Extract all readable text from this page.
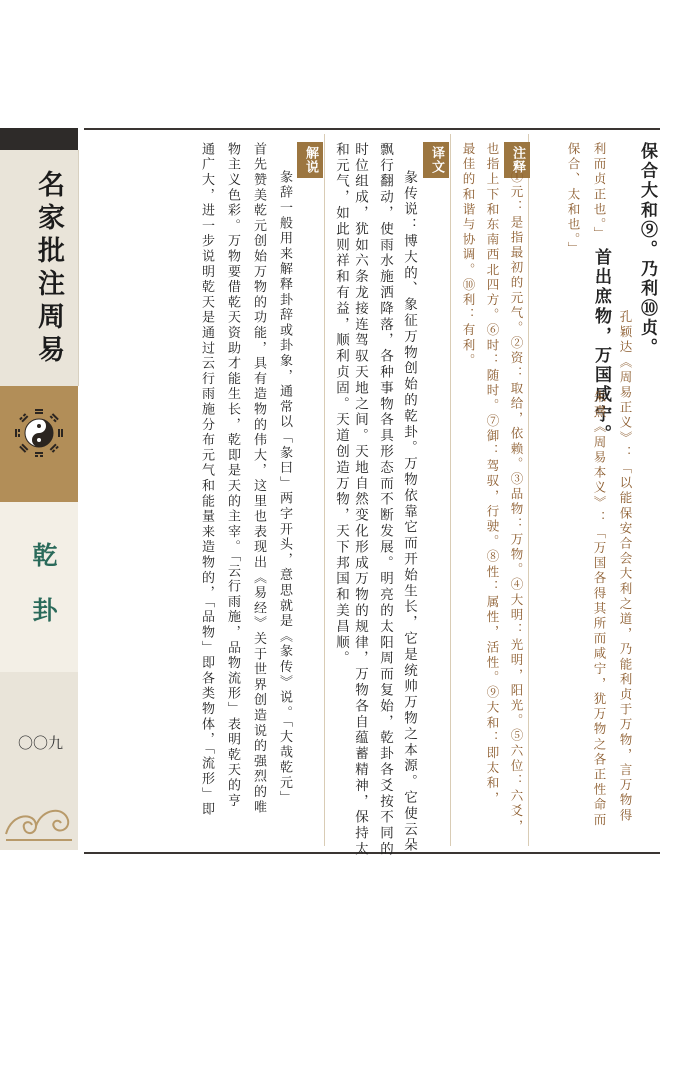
名家批注周易
乾卦
〇〇九
保合大和⑨。乃利⑩贞。
首出庶物，万国咸宁。 孔颖达《周易正义》：「以能保安合会大利之道，乃能利贞于万物，言万物得
利而贞正也。」
朱熹《周易本义》：「万国各得其所而咸宁，犹万物之各正性命而
保合、太和也。」
注释
①元：是指最初的元气。②资：取给，依赖。③品物：万物。④大明：光明，阳光。⑤六位：六爻，
也指上下和东南西北四方。⑥时：随时。⑦御：驾驭，行驶。⑧性：属性，活性。⑨大和：即太和，
最佳的和谐与协调。⑩利：有利。
译文
彖传说：博大的、象征万物创始的乾卦。万物依靠它而开始生长，它是统帅万物之本源。它使云朵
飘行翻动，使雨水施洒降落，各种事物各具形态而不断发展。明亮的太阳周而复始，乾卦各爻按不同的
时位组成，犹如六条龙接连驾驭天地之间。天地自然变化形成万物的规律，万物各自蕴蓄精神，保持太
和元气，如此则祥和有益，顺利贞固。天道创造万物，天下邦国和美昌顺。
解说
彖辞一般用来解释卦辞或卦象，通常以「彖曰」两字开头，意思就是《彖传》说。「大哉乾元」
首先赞美乾元创始万物的功能，具有造物的伟大，这里也表现出《易经》关于世界创造说的强烈的唯
物主义色彩。万物要借乾天资助才能生长，乾即是天的主宰。「云行雨施，品物流形」表明乾天的亨
通广大，进一步说明乾天是通过云行雨施分布元气和能量来造物的，「品物」即各类物体，「流形」即
